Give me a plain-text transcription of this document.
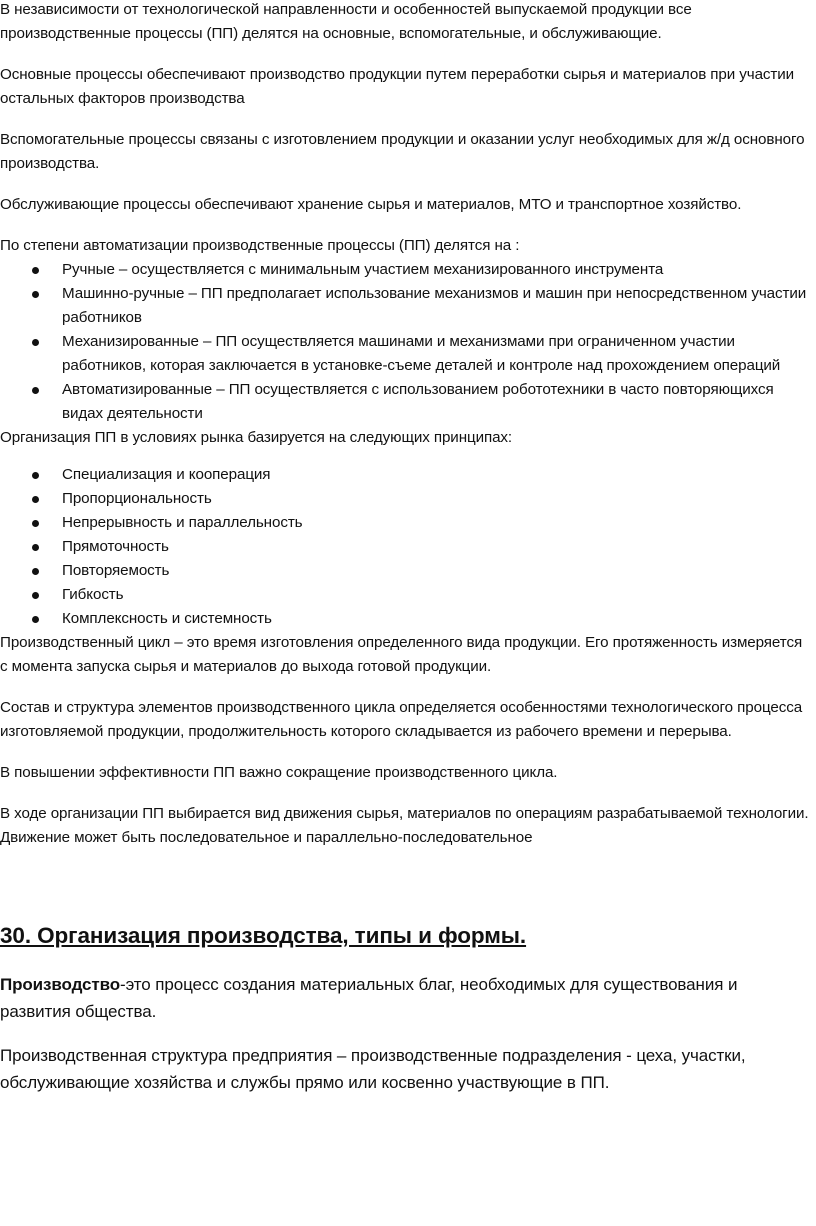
В независимости от технологической направленности и особенностей выпускаемой продукции все производственные процессы (ПП) делятся на основные, вспомогательные, и обслуживающие.

Основные процессы обеспечивают производство продукции путем переработки сырья и материалов при участии остальных факторов производства

Вспомогательные процессы связаны с изготовлением продукции и оказании услуг необходимых для ж/д основного производства.

Обслуживающие процессы обеспечивают хранение сырья и материалов, МТО и транспортное хозяйство.

По степени автоматизации производственные процессы (ПП) делятся на :

Ручные – осуществляется с минимальным участием механизированного инструмента
Машинно-ручные – ПП предполагает использование механизмов и машин при непосредственном участии работников
Механизированные – ПП осуществляется машинами и механизмами при ограниченном участии работников, которая заключается в установке-съеме деталей и контроле над прохождением операций
Автоматизированные – ПП осуществляется с использованием робототехники в часто повторяющихся видах деятельности

Организация ПП в условиях рынка базируется на следующих принципах:

Специализация и кооперация
Пропорциональность
Непрерывность и параллельность
Прямоточность
Повторяемость
Гибкость
Комплексность и системность

Производственный цикл – это время изготовления определенного вида продукции. Его протяженность измеряется с момента запуска сырья и материалов до выхода готовой продукции.

Состав и структура элементов производственного цикла определяется особенностями технологического процесса изготовляемой продукции, продолжительность которого складывается из рабочего времени и перерыва.

В повышении эффективности ПП важно сокращение производственного цикла.

В ходе организации ПП выбирается вид движения сырья, материалов по операциям разрабатываемой технологии. Движение может быть последовательное и параллельно-последовательное

30. Организация производства, типы и формы.

Производство-это процесс создания материальных благ, необходимых для существования и развития общества.

Производственная структура предприятия – производственные подразделения - цеха, участки, обслуживающие хозяйства и службы прямо или косвенно участвующие в ПП.
